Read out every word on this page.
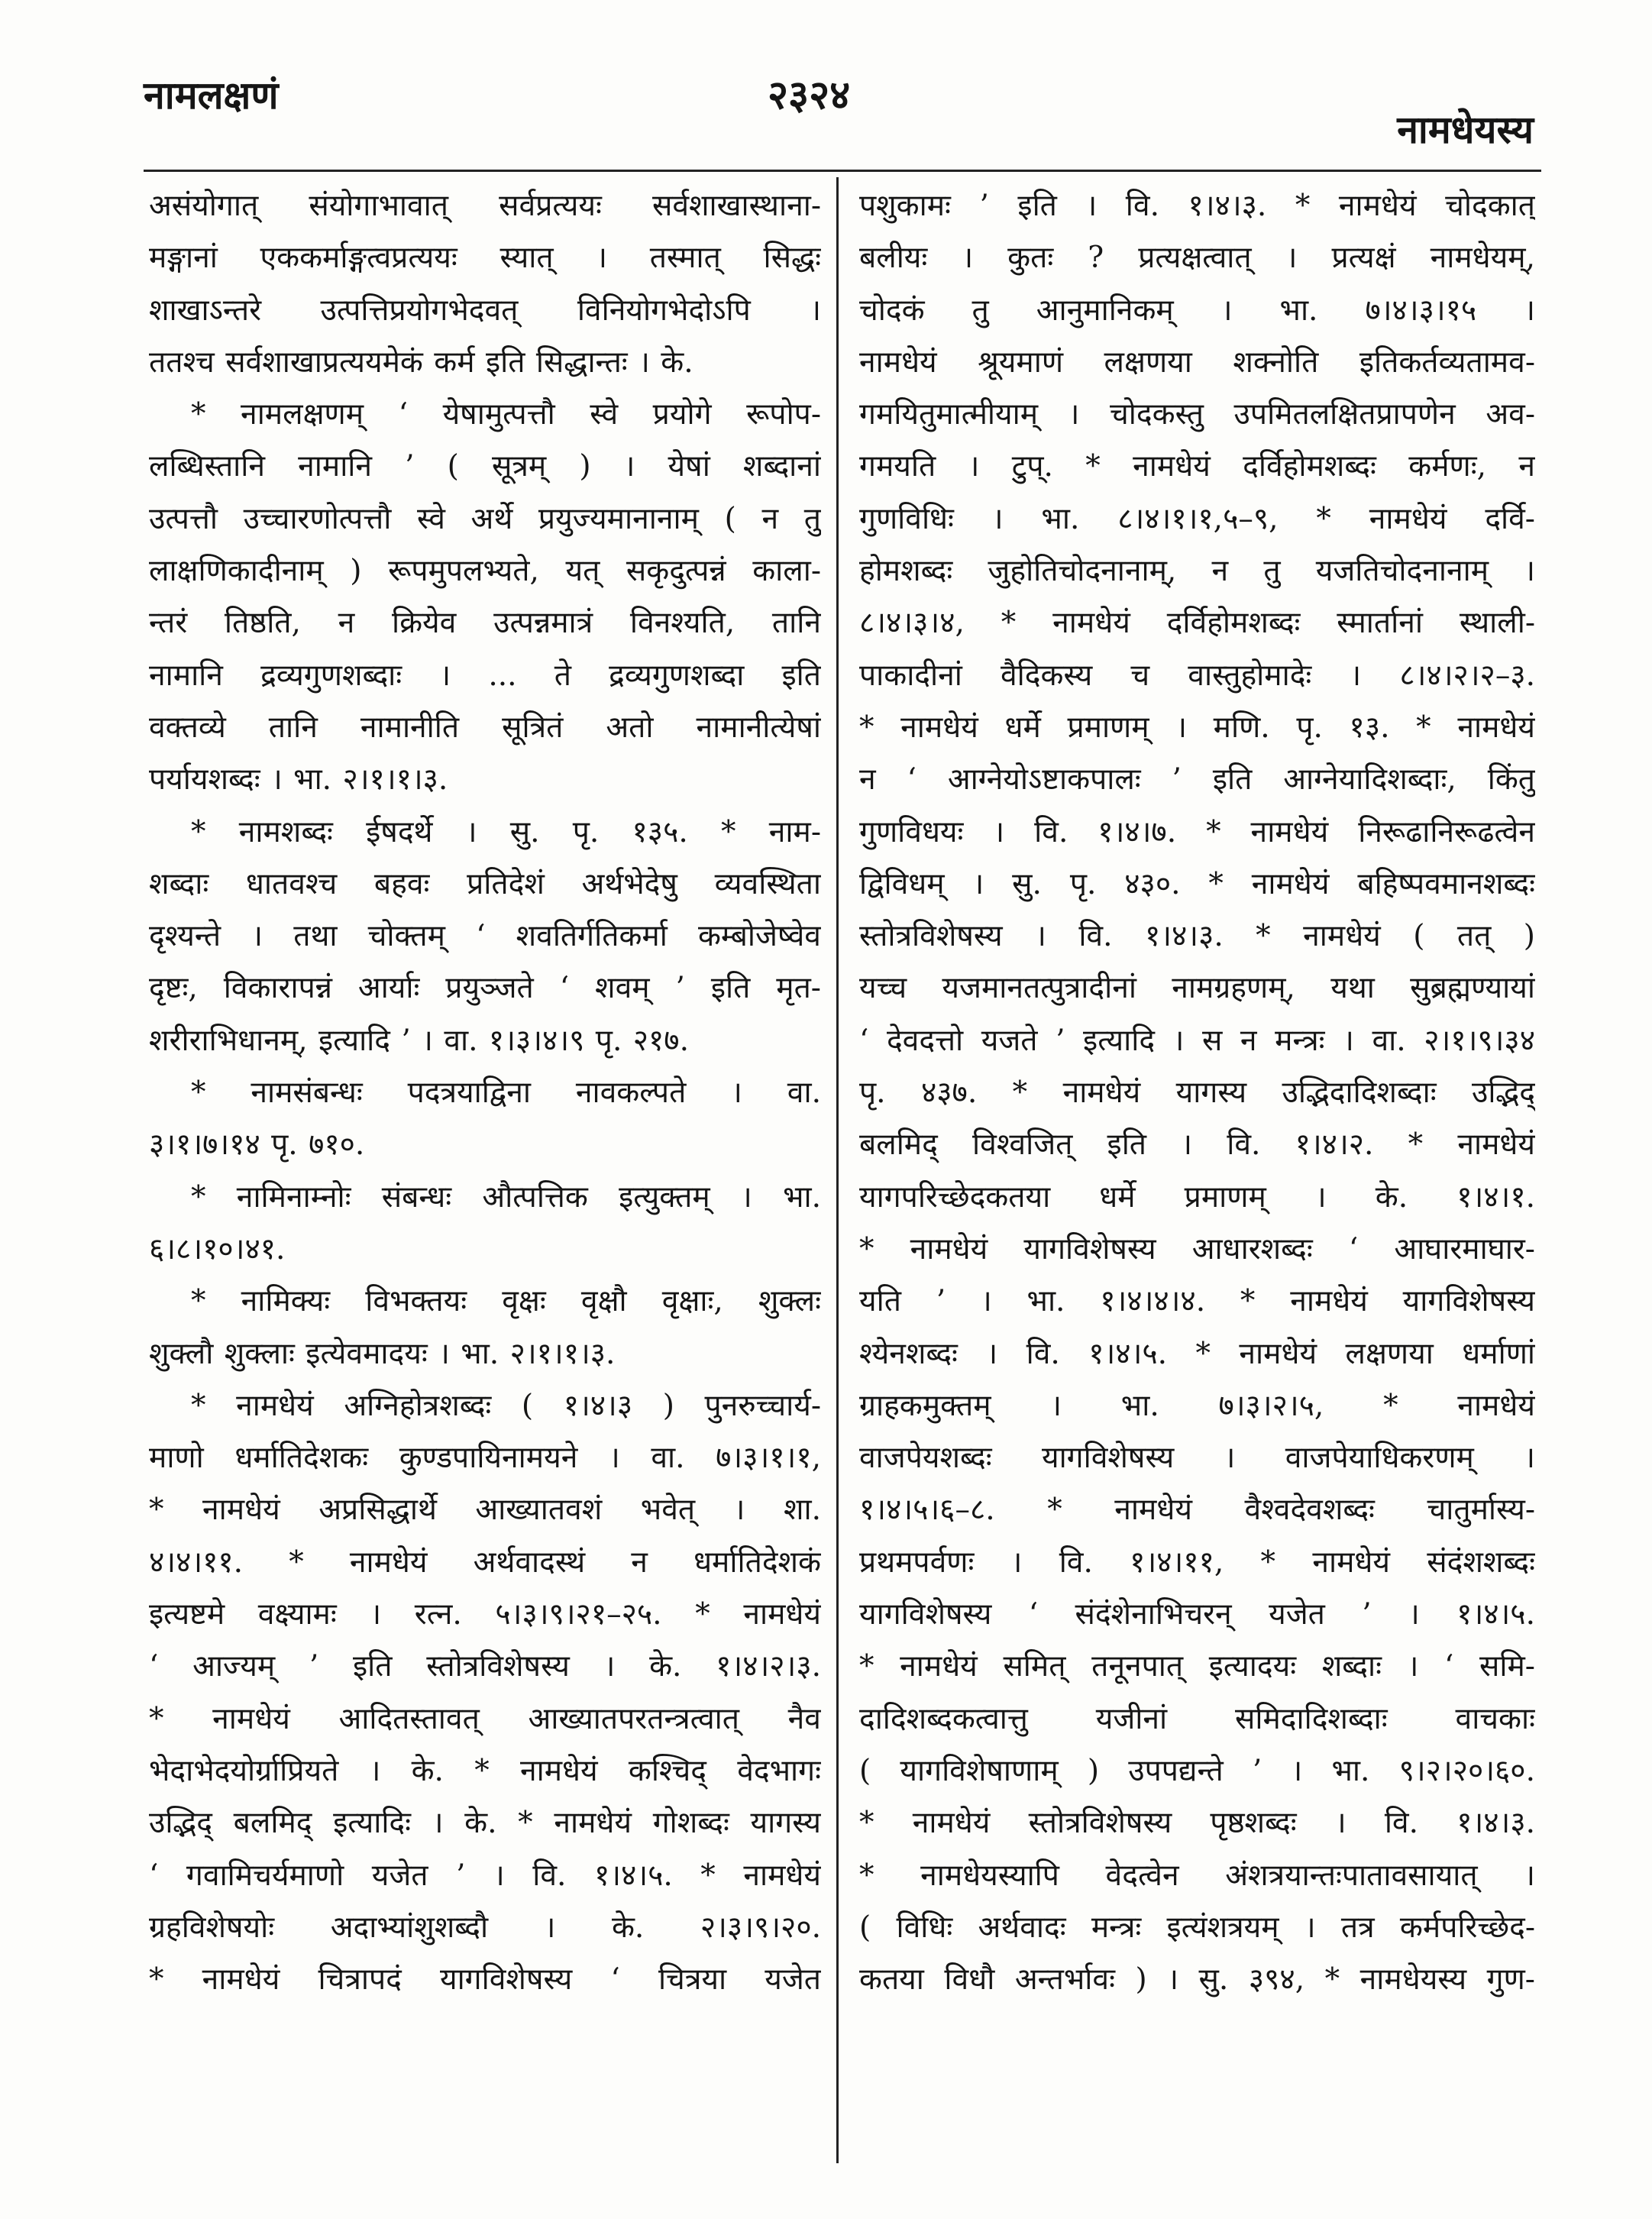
नामलक्षणं	२३२४
नामधेयस्य
असंयोगात् संयोगाभावात् सर्वप्रत्ययः सर्वशाखास्थाना-
मङ्गानां एककर्माङ्गत्वप्रत्ययः स्यात् । तस्मात् सिद्धः
शाखाऽन्तरे उत्पत्तिप्रयोगभेदवत् विनियोगभेदोऽपि ।
ततश्च सर्वशाखाप्रत्ययमेकं कर्म इति सिद्धान्तः । के.
* नामलक्षणम् ‘ येषामुत्पत्तौ स्वे प्रयोगे रूपोप-
लब्धिस्तानि नामानि ’ ( सूत्रम् ) । येषां शब्दानां
उत्पत्तौ उच्चारणोत्पत्तौ स्वे अर्थे प्रयुज्यमानानाम् ( न तु
लाक्षणिकादीनाम् ) रूपमुपलभ्यते, यत् सकृदुत्पन्नं काला-
न्तरं तिष्ठति, न क्रियेव उत्पन्नमात्रं विनश्यति, तानि
नामानि द्रव्यगुणशब्दाः । ... ते द्रव्यगुणशब्दा इति
वक्तव्ये तानि नामानीति सूत्रितं अतो नामानीत्येषां
पर्यायशब्दः । भा. २।१।१।३.
* नामशब्दः ईषदर्थे । सु. पृ. १३५. * नाम-
शब्दाः धातवश्च बहवः प्रतिदेशं अर्थभेदेषु व्यवस्थिता
दृश्यन्ते । तथा चोक्तम् ‘ शवतिर्गतिकर्मा कम्बोजेष्वेव
दृष्टः, विकारापन्नं आर्याः प्रयुञ्जते ‘ शवम् ’ इति मृत-
शरीराभिधानम्, इत्यादि ’ । वा. १।३।४।९ पृ. २१७.
* नामसंबन्धः पदत्रयाद्विना नावकल्पते । वा.
३।१।७।१४ पृ. ७१०.
* नामिनाम्नोः संबन्धः औत्पत्तिक इत्युक्तम् । भा.
६।८।१०।४१.
* नामिक्यः विभक्तयः वृक्षः वृक्षौ वृक्षाः, शुक्लः
शुक्लौ शुक्लाः इत्येवमादयः । भा. २।१।१।३.
* नामधेयं अग्निहोत्रशब्दः ( १।४।३ ) पुनरुच्चार्य-
माणो धर्मातिदेशकः कुण्डपायिनामयने । वा. ७।३।१।१,
* नामधेयं अप्रसिद्धार्थे आख्यातवशं भवेत् । शा.
४।४।११. * नामधेयं अर्थवादस्थं न धर्मातिदेशकं
इत्यष्टमे वक्ष्यामः । रत्न. ५।३।९।२१–२५. * नामधेयं
‘ आज्यम् ’ इति स्तोत्रविशेषस्य । के. १।४।२।३.
* नामधेयं आदितस्तावत् आख्यातपरतन्त्रत्वात् नैव
भेदाभेदयोर्ग्राप्रियते । के. * नामधेयं कश्चिद् वेदभागः
उद्भिद् बलमिद् इत्यादिः । के. * नामधेयं गोशब्दः यागस्य
‘ गवामिचर्यमाणो यजेत ’ । वि. १।४।५. * नामधेयं
ग्रहविशेषयोः अदाभ्यांशुशब्दौ । के. २।३।९।२०.
* नामधेयं चित्रापदं यागविशेषस्य ‘ चित्रया यजेत
पशुकामः ’ इति । वि. १।४।३. * नामधेयं चोदकात्
बलीयः । कुतः ? प्रत्यक्षत्वात् । प्रत्यक्षं नामधेयम्,
चोदकं तु आनुमानिकम् । भा. ७।४।३।१५ ।
नामधेयं श्रूयमाणं लक्षणया शक्नोति इतिकर्तव्यतामव-
गमयितुमात्मीयाम् । चोदकस्तु उपमितलक्षितप्रापणेन अव-
गमयति । टुप्. * नामधेयं दर्विहोमशब्दः कर्मणः, न
गुणविधिः । भा. ८।४।१।१,५–९, * नामधेयं दर्वि-
होमशब्दः जुहोतिचोदनानाम्, न तु यजतिचोदनानाम् ।
८।४।३।४, * नामधेयं दर्विहोमशब्दः स्मार्तानां स्थाली-
पाकादीनां वैदिकस्य च वास्तुहोमादेः । ८।४।२।२–३.
* नामधेयं धर्मे प्रमाणम् । मणि. पृ. १३. * नामधेयं
न ‘ आग्नेयोऽष्टाकपालः ’ इति आग्नेयादिशब्दाः, किंतु
गुणविधयः । वि. १।४।७. * नामधेयं निरूढानिरूढत्वेन
द्विविधम् । सु. पृ. ४३०. * नामधेयं बहिष्पवमानशब्दः
स्तोत्रविशेषस्य । वि. १।४।३. * नामधेयं ( तत् )
यच्च यजमानतत्पुत्रादीनां नामग्रहणम्, यथा सुब्रह्मण्यायां
‘ देवदत्तो यजते ’ इत्यादि । स न मन्त्रः । वा. २।१।९।३४
पृ. ४३७. * नामधेयं यागस्य उद्भिदादिशब्दाः उद्भिद्
बलमिद् विश्वजित् इति । वि. १।४।२. * नामधेयं
यागपरिच्छेदकतया धर्मे प्रमाणम् । के. १।४।१.
* नामधेयं यागविशेषस्य आधारशब्दः ‘ आघारमाघार-
यति ’ । भा. १।४।४।४. * नामधेयं यागविशेषस्य
श्येनशब्दः । वि. १।४।५. * नामधेयं लक्षणया धर्माणां
ग्राहकमुक्तम् । भा. ७।३।२।५, * नामधेयं
वाजपेयशब्दः यागविशेषस्य । वाजपेयाधिकरणम् ।
१।४।५।६–८. * नामधेयं वैश्वदेवशब्दः चातुर्मास्य-
प्रथमपर्वणः । वि. १।४।११, * नामधेयं संदंशशब्दः
यागविशेषस्य ‘ संदंशेनाभिचरन् यजेत ’ । १।४।५.
* नामधेयं समित् तनूनपात् इत्यादयः शब्दाः । ‘ समि-
दादिशब्दकत्वात्तु यजीनां समिदादिशब्दाः वाचकाः
( यागविशेषाणाम् ) उपपद्यन्ते ’ । भा. ९।२।२०।६०.
* नामधेयं स्तोत्रविशेषस्य पृष्ठशब्दः । वि. १।४।३.
* नामधेयस्यापि वेदत्वेन अंशत्रयान्तःपातावसायात् ।
( विधिः अर्थवादः मन्त्रः इत्यंशत्रयम् । तत्र कर्मपरिच्छेद-
कतया विधौ अन्तर्भावः ) । सु. ३९४, * नामधेयस्य गुण-
